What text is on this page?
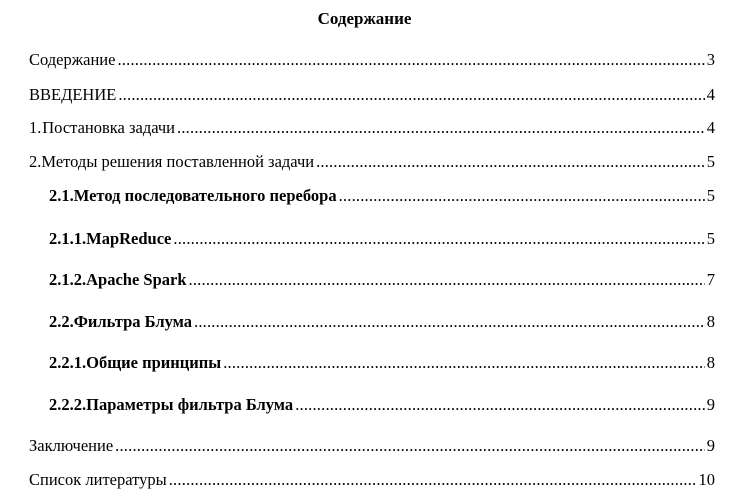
Содержание
Содержание .....	3
ВВЕДЕНИЕ .....	4
1. Постановка задачи .....	4
2. Методы решения поставленной задачи .....	5
2.1. Метод последовательного перебора .....	5
2.1.1. MapReduce .....	5
2.1.2. Apache Spark .....	7
2.2. Фильтра Блума .....	8
2.2.1. Общие принципы .....	8
2.2.2. Параметры фильтра Блума .....	9
Заключение .....	9
Список литературы .....	10
